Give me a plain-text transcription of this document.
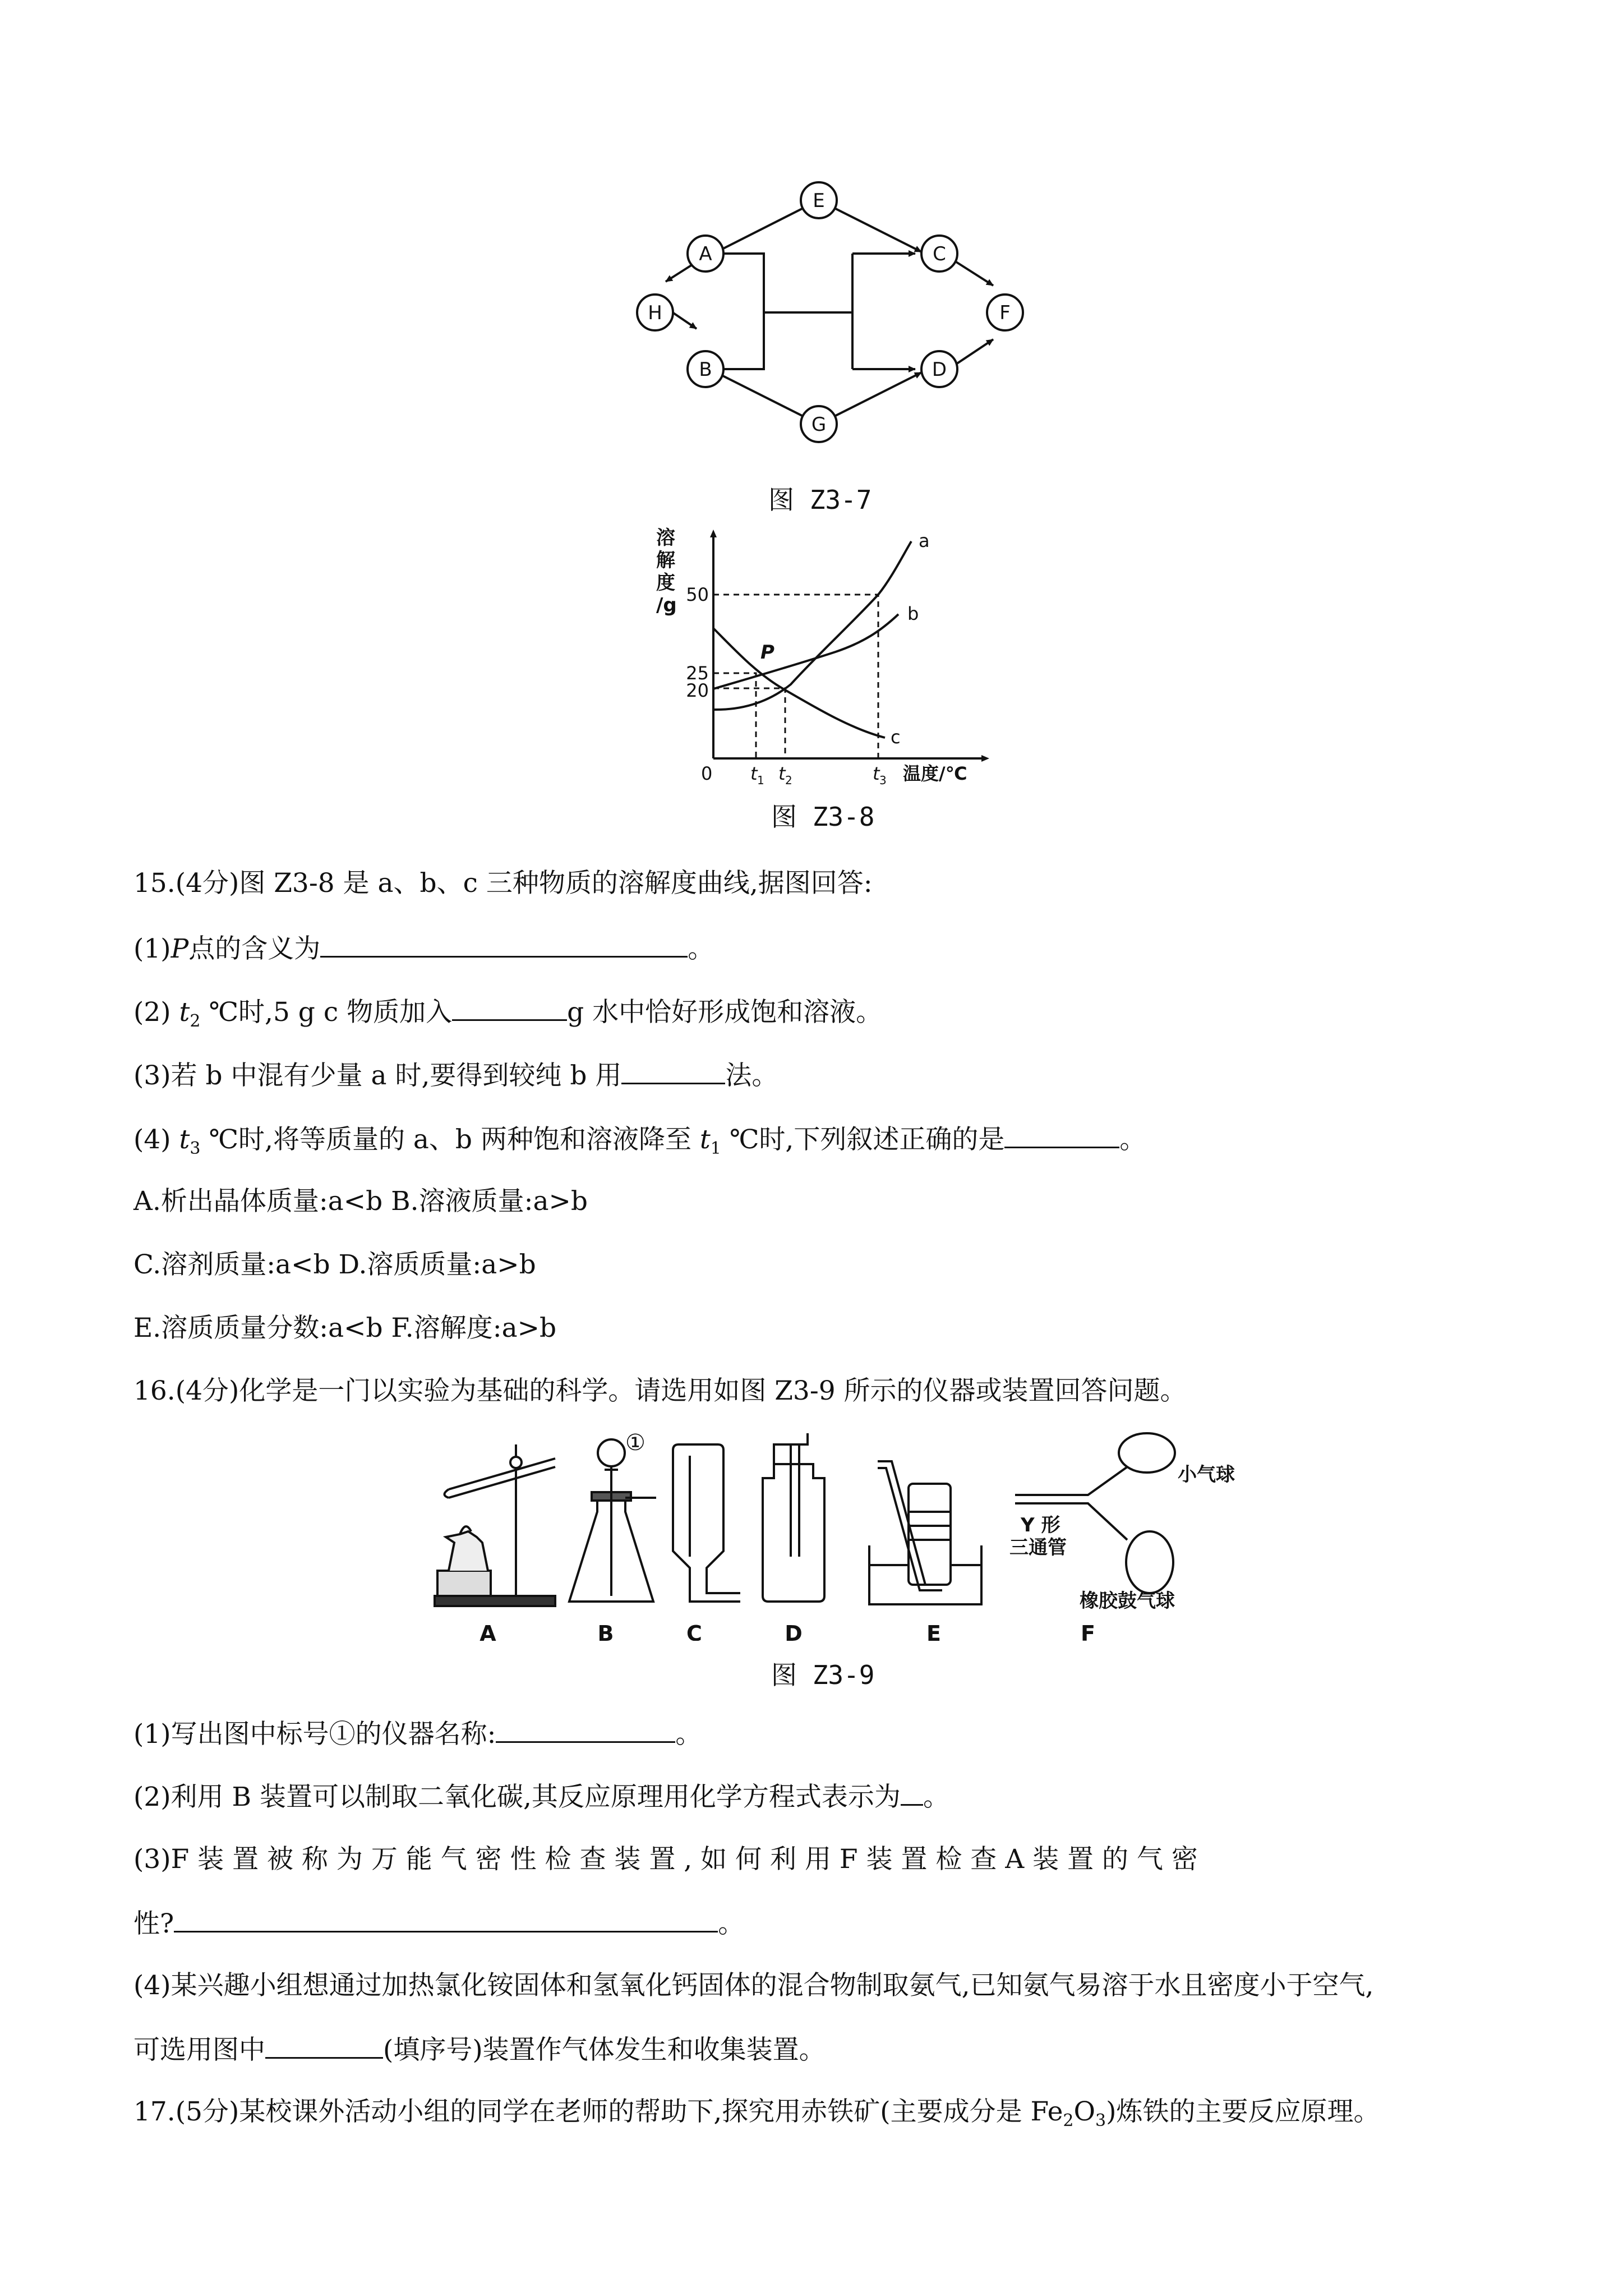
E
A	C
H	F
B	D
G
图 Z3-7
溶
解
度
/g
a
b
c
P
50
25
20
0 t 1 t 2	t 3 温度/℃
图 Z3-8
15.(4分)图 Z3-8 是 a、b、c 三种物质的溶解度曲线,据图回答:
(1)P点的含义为	。
(2) $t_2$ ℃时,5 g c 物质加入	g 水中恰好形成饱和溶液。
(3)若 b 中混有少量 a 时,要得到较纯 b 用	法。
(4) $t_3$ ℃时,将等质量的 a、b 两种饱和溶液降至 $t_1$ ℃时,下列叙述正确的是	。
A.析出晶体质量:a<b B.溶液质量:a>b
C.溶剂质量:a<b D.溶质质量:a>b
E.溶质质量分数:a<b F.溶解度:a>b
16.(4分)化学是一门以实验为基础的科学。请选用如图 Z3-9 所示的仪器或装置回答问题。
①
小气球
Y 形
三通管
橡胶鼓气球
A	B	C	D	E	F
图 Z3-9
(1)写出图中标号①的仪器名称:	。
(2)利用 B 装置可以制取二氧化碳,其反应原理用化学方程式表示为 。
(3)F 装 置 被 称 为 万 能 气 密 性 检 查 装 置 , 如 何 利 用 F 装 置 检 查 A 装 置 的 气 密
性?	。
(4)某兴趣小组想通过加热氯化铵固体和氢氧化钙固体的混合物制取氨气,已知氨气易溶于水且密度小于空气,
可选用图中	(填序号)装置作气体发生和收集装置。
17.(5分)某校课外活动小组的同学在老师的帮助下,探究用赤铁矿(主要成分是 $Fe_2O_3$)炼铁的主要反应原理。
